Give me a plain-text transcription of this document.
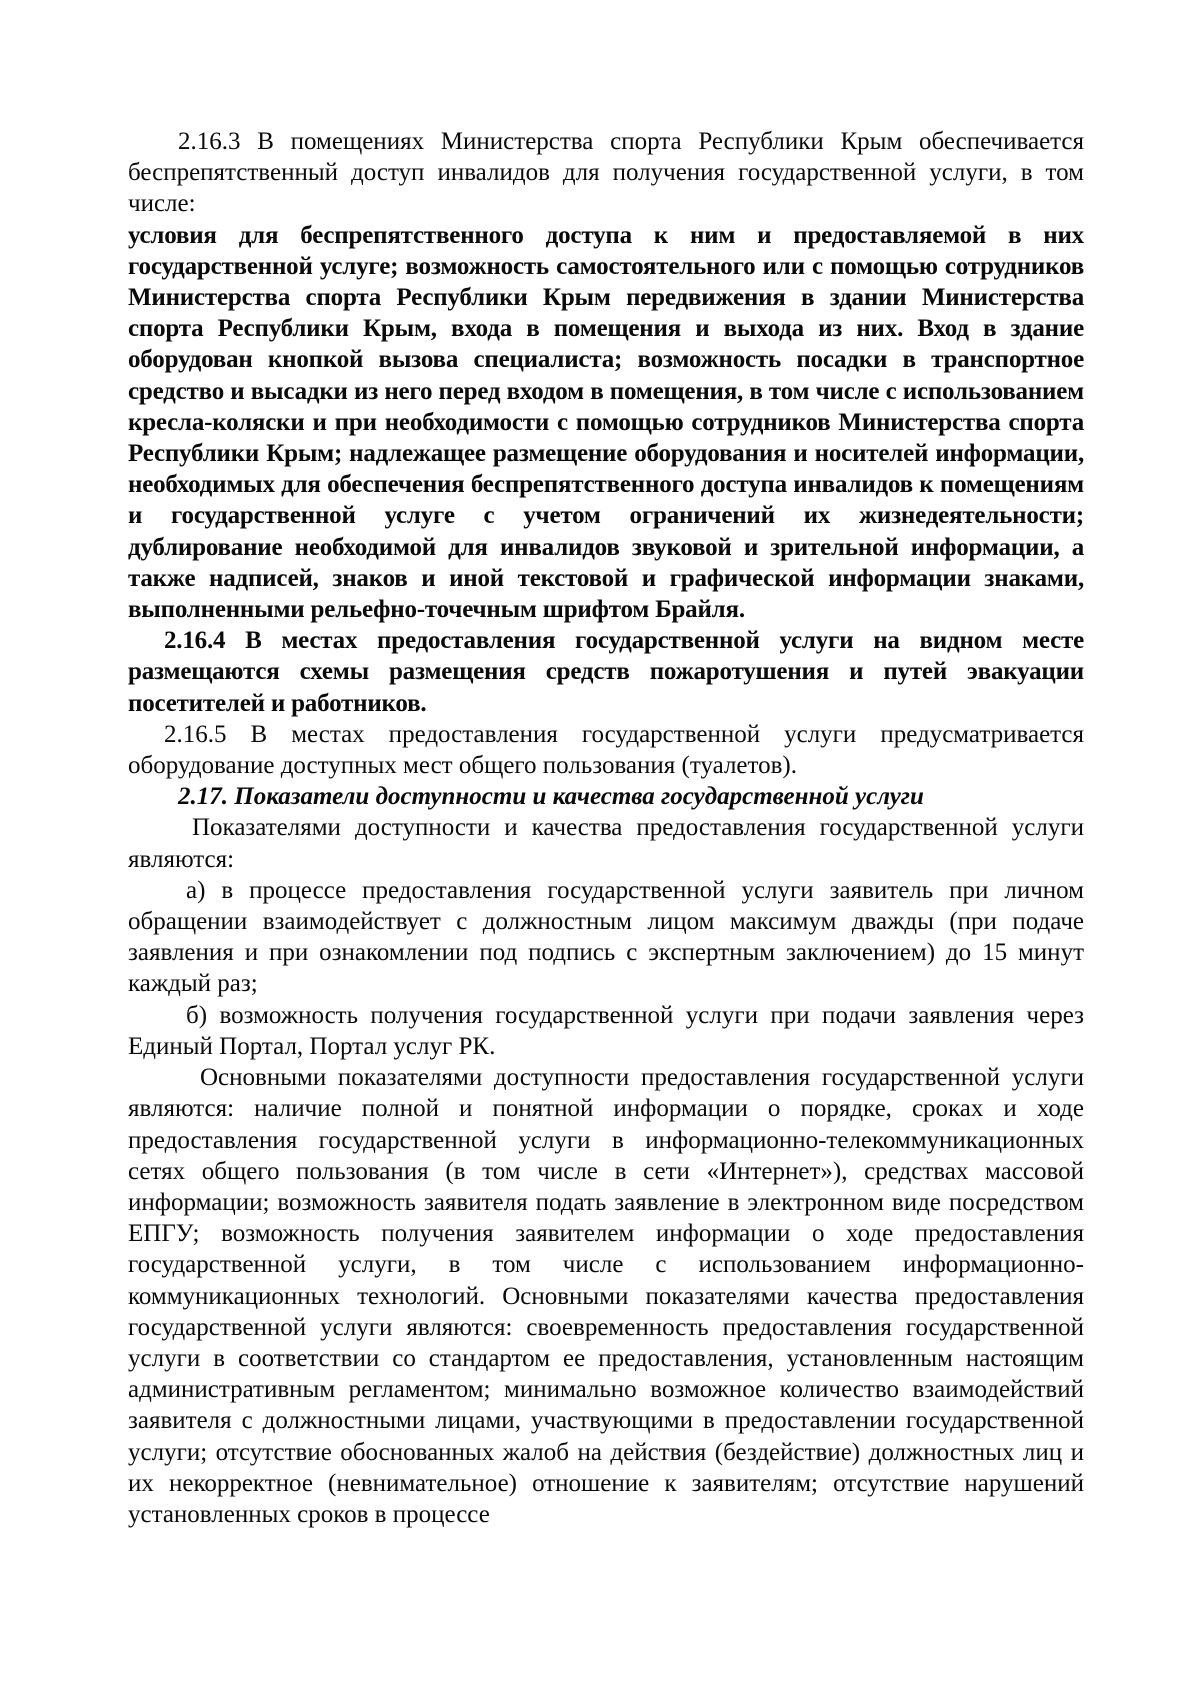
2.16.3 В помещениях Министерства спорта Республики Крым обеспечивается беспрепятственный доступ инвалидов для получения государственной услуги, в том числе:

условия для беспрепятственного доступа к ним и предоставляемой в них государственной услуге; возможность самостоятельного или с помощью сотрудников Министерства спорта Республики Крым передвижения в здании Министерства спорта Республики Крым, входа в помещения и выхода из них. Вход в здание оборудован кнопкой вызова специалиста; возможность посадки в транспортное средство и высадки из него перед входом в помещения, в том числе с использованием кресла-коляски и при необходимости с помощью сотрудников Министерства спорта Республики Крым; надлежащее размещение оборудования и носителей информации, необходимых для обеспечения беспрепятственного доступа инвалидов к помещениям и государственной услуге с учетом ограничений их жизнедеятельности; дублирование необходимой для инвалидов звуковой и зрительной информации, а также надписей, знаков и иной текстовой и графической информации знаками, выполненными рельефно-точечным шрифтом Брайля.

2.16.4 В местах предоставления государственной услуги на видном месте размещаются схемы размещения средств пожаротушения и путей эвакуации посетителей и работников.

2.16.5 В местах предоставления государственной услуги предусматривается оборудование доступных мест общего пользования (туалетов).

2.17. Показатели доступности и качества государственной услуги

Показателями доступности и качества предоставления государственной услуги являются:

а) в процессе предоставления государственной услуги заявитель при личном обращении взаимодействует с должностным лицом максимум дважды (при подаче заявления и при ознакомлении под подпись с экспертным заключением) до 15 минут каждый раз;

б) возможность получения государственной услуги при подачи заявления через Единый Портал, Портал услуг РК.

Основными показателями доступности предоставления государственной услуги являются: наличие полной и понятной информации о порядке, сроках и ходе предоставления государственной услуги в информационно-телекоммуникационных сетях общего пользования (в том числе в сети «Интернет»), средствах массовой информации; возможность заявителя подать заявление в электронном виде посредством ЕПГУ; возможность получения заявителем информации о ходе предоставления государственной услуги, в том числе с использованием информационно-коммуникационных технологий. Основными показателями качества предоставления государственной услуги являются: своевременность предоставления государственной услуги в соответствии со стандартом ее предоставления, установленным настоящим административным регламентом; минимально возможное количество взаимодействий заявителя с должностными лицами, участвующими в предоставлении государственной услуги; отсутствие обоснованных жалоб на действия (бездействие) должностных лиц и их некорректное (невнимательное) отношение к заявителям; отсутствие нарушений установленных сроков в процессе
